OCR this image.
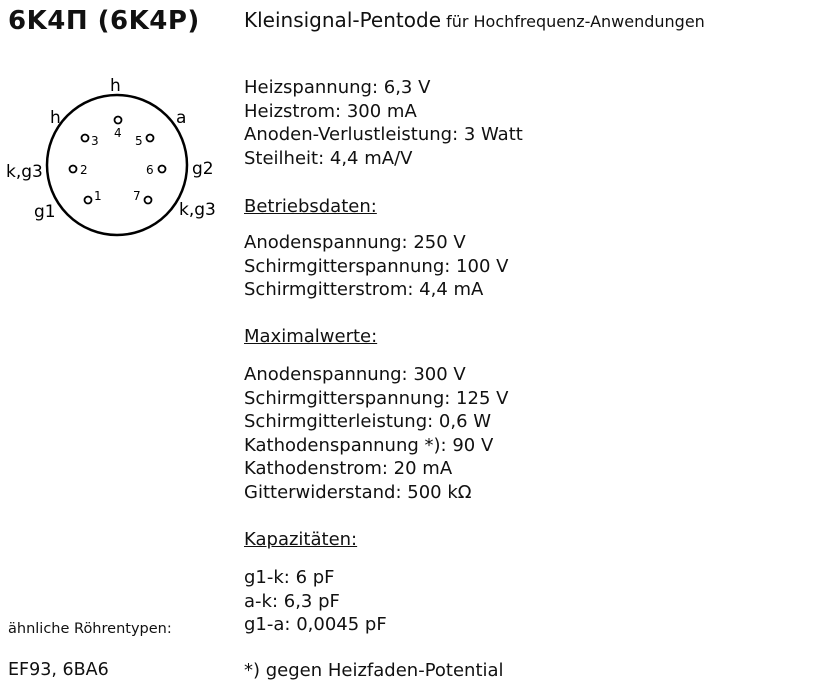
6K4П (6K4P) Kleinsignal-Pentode für Hochfrequenz-Anwendungen
4
3	5
2	6
1	7
h
h	a
k,g3	g2
g1	k,g3
Heizspannung: 6,3 V
Heizstrom: 300 mA
Anoden-Verlustleistung: 3 Watt
Steilheit: 4,4 mA/V
Betriebsdaten:
Anodenspannung: 250 V
Schirmgitterspannung: 100 V
Schirmgitterstrom: 4,4 mA
Maximalwerte:
Anodenspannung: 300 V
Schirmgitterspannung: 125 V
Schirmgitterleistung: 0,6 W
Kathodenspannung *): 90 V
Kathodenstrom: 20 mA
Gitterwiderstand: 500 kΩ
Kapazitäten:
g1-k: 6 pF
a-k: 6,3 pF
g1-a: 0,0045 pF
ähnliche Röhrentypen:
EF93, 6BA6	*) gegen Heizfaden-Potential
